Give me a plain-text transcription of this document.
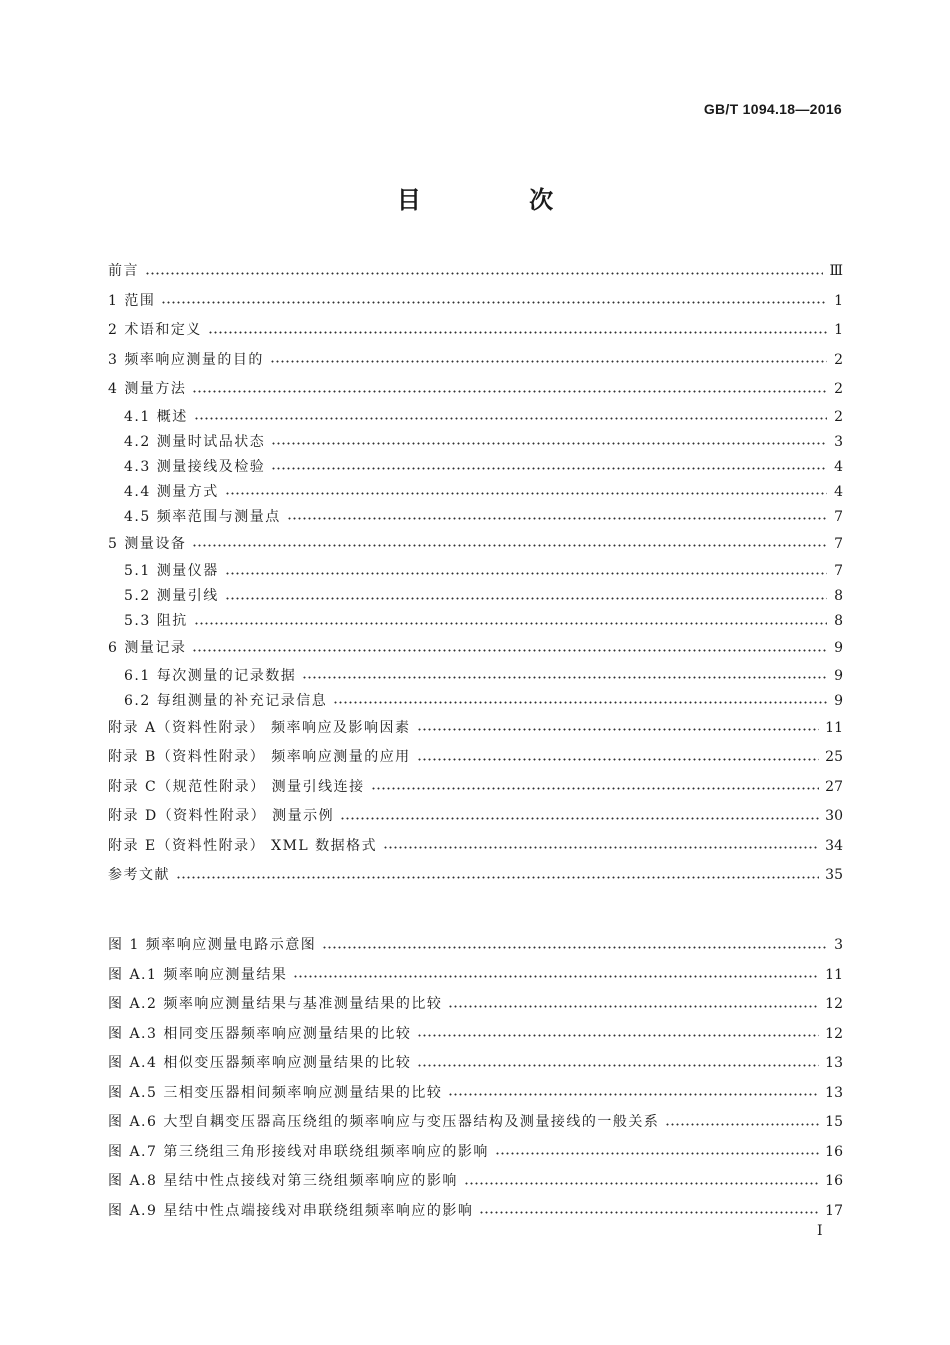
GB/T 1094.18—2016
目 次
前言	Ⅲ
1 范围	1
2 术语和定义	1
3 频率响应测量的目的	2
4 测量方法	2
4.1 概述	2
4.2 测量时试品状态	3
4.3 测量接线及检验	4
4.4 测量方式	4
4.5 频率范围与测量点	7
5 测量设备	7
5.1 测量仪器	7
5.2 测量引线	8
5.3 阻抗	8
6 测量记录	9
6.1 每次测量的记录数据	9
6.2 每组测量的补充记录信息	9
附录 A（资料性附录） 频率响应及影响因素	11
附录 B（资料性附录） 频率响应测量的应用	25
附录 C（规范性附录） 测量引线连接	27
附录 D（资料性附录） 测量示例	30
附录 E（资料性附录） XML 数据格式	34
参考文献	35
图 1 频率响应测量电路示意图	3
图 A.1 频率响应测量结果	11
图 A.2 频率响应测量结果与基准测量结果的比较	12
图 A.3 相同变压器频率响应测量结果的比较	12
图 A.4 相似变压器频率响应测量结果的比较	13
图 A.5 三相变压器相间频率响应测量结果的比较	13
图 A.6 大型自耦变压器高压绕组的频率响应与变压器结构及测量接线的一般关系	15
图 A.7 第三绕组三角形接线对串联绕组频率响应的影响	16
图 A.8 星结中性点接线对第三绕组频率响应的影响	16
图 A.9 星结中性点端接线对串联绕组频率响应的影响	17
I
